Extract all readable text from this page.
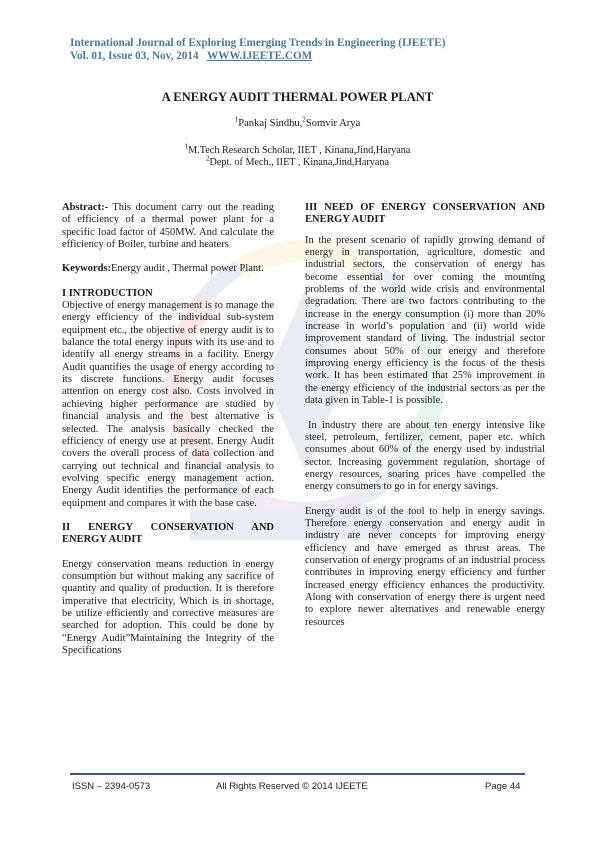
International Journal of Exploring Emerging Trends in Engineering (IJEETE)
Vol. 01, Issue 03, Nov, 2014 WWW.IJEETE.COM
A ENERGY AUDIT THERMAL POWER PLANT
$^1$Pankaj Sindhu,$^2$Somvir Arya
$^1$M.Tech Research Scholar, IIET , Kinana,Jind,Haryana
$^2$Dept. of Mech., IIET , Kinana,Jind,Haryana

Abstract:- This document carry out the reading of efficiency of a thermal power plant for a specific load factor of 450MW. And calculate the efficiency of Boiler, turbine and heaters

Keywords:Energy audit , Thermal power Plant.

I INTRODUCTION

Objective of energy management is to manage the energy efficiency of the individual sub-system equipment etc., the objective of energy audit is to balance the total energy inputs with its use and to identify all energy streams in a facility. Energy Audit quantifies the usage of energy according to its discrete functions. Energy audit focuses attention on energy cost also. Costs involved in achieving higher performance are studied by financial analysis and the best alternative is selected. The analysis basically checked the efficiency of energy use at present. Energy Audit covers the overall process of data collection and carrying out technical and financial analysis to evolving specific energy management action. Energy Audit identifies the performance of each equipment and compares it with the base case.

II ENERGY CONSERVATION AND ENERGY AUDIT

Energy conservation means reduction in energy consumption but without making any sacrifice of quantity and quality of production. It is therefore imperative that electricity, Which is in shortage, be utilize efficiently and corrective measures are searched for adoption. This could be done by “Energy Audit”Maintaining the Integrity of the Specifications

III NEED OF ENERGY CONSERVATION AND ENERGY AUDIT

In the present scenario of rapidly growing demand of energy in transportation, agriculture, domestic and industrial sectors, the conservation of energy has become essential for over coming the mounting problems of the world wide crisis and environmental degradation. There are two factors contributing to the increase in the energy consumption (i) more than 20% increase in world’s population and (ii) world wide improvement standard of living. The industrial sector consumes about 50% of our energy and therefore improving energy efficiency is the focus of the thesis work. It has been estimated that 25% improvement in the energy efficiency of the industrial sectors as per the data given in Table-1 is possible.

In industry there are about ten energy intensive like steel, petroleum, fertilizer, cement, paper etc. which consumes about 60% of the energy used by industrial sector. Increasing government regulation, shortage of energy resources, soaring prices have compelled the energy consumers to go in for energy savings.

Energy audit is of the tool to help in energy savings. Therefore energy conservation and energy audit in industry are never concepts for improving energy efficiency and have emerged as thrust areas. The conservation of energy programs of an industrial process contributes in improving energy efficiency and further increased energy efficiency enhances the productivity. Along with conservation of energy there is urgent need to explore newer alternatives and renewable energy resources

ISSN – 2394-0573	All Rights Reserved © 2014 IJEETE	Page 44
